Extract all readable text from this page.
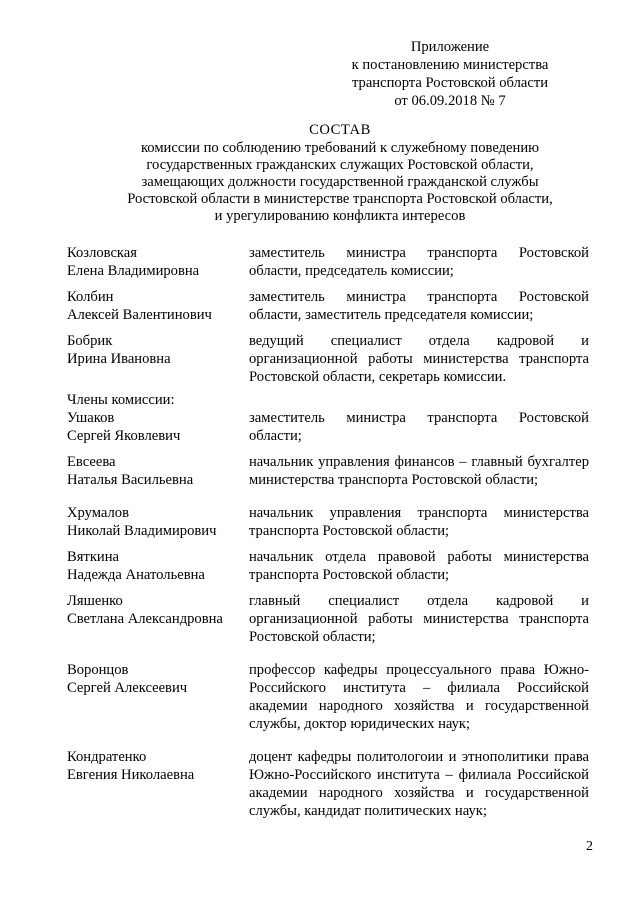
Приложение
к постановлению министерства
транспорта Ростовской области
от 06.09.2018 № 7
СОСТАВ
комиссии по соблюдению требований к служебному поведению
государственных гражданских служащих Ростовской области,
замещающих должности государственной гражданской службы
Ростовской области в министерстве транспорта Ростовской области,
и урегулированию конфликта интересов
Козловская
Елена Владимировна
заместитель министра транспорта Ростовской области, председатель комиссии;
Колбин
Алексей Валентинович
заместитель министра транспорта Ростовской области, заместитель председателя комиссии;
Бобрик
Ирина Ивановна
ведущий специалист отдела кадровой и организационной работы министерства транспорта Ростовской области, секретарь комиссии.
Члены комиссии:
Ушаков
Сергей Яковлевич
заместитель министра транспорта Ростовской области;
Евсеева
Наталья Васильевна
начальник управления финансов – главный бухгалтер министерства транспорта Ростовской области;
Хрумалов
Николай Владимирович
начальник управления транспорта министерства транспорта Ростовской области;
Вяткина
Надежда Анатольевна
начальник отдела правовой работы министерства транспорта Ростовской области;
Ляшенко
Светлана Александровна
главный специалист отдела кадровой и организационной работы министерства транспорта Ростовской области;
Воронцов
Сергей Алексеевич
профессор кафедры процессуального права Южно-Российского института – филиала Российской академии народного хозяйства и государственной службы, доктор юридических наук;
Кондратенко
Евгения Николаевна
доцент кафедры политологоии и этнополитики права Южно-Российского института – филиала Российской академии народного хозяйства и государственной службы, кандидат политических наук;
2
